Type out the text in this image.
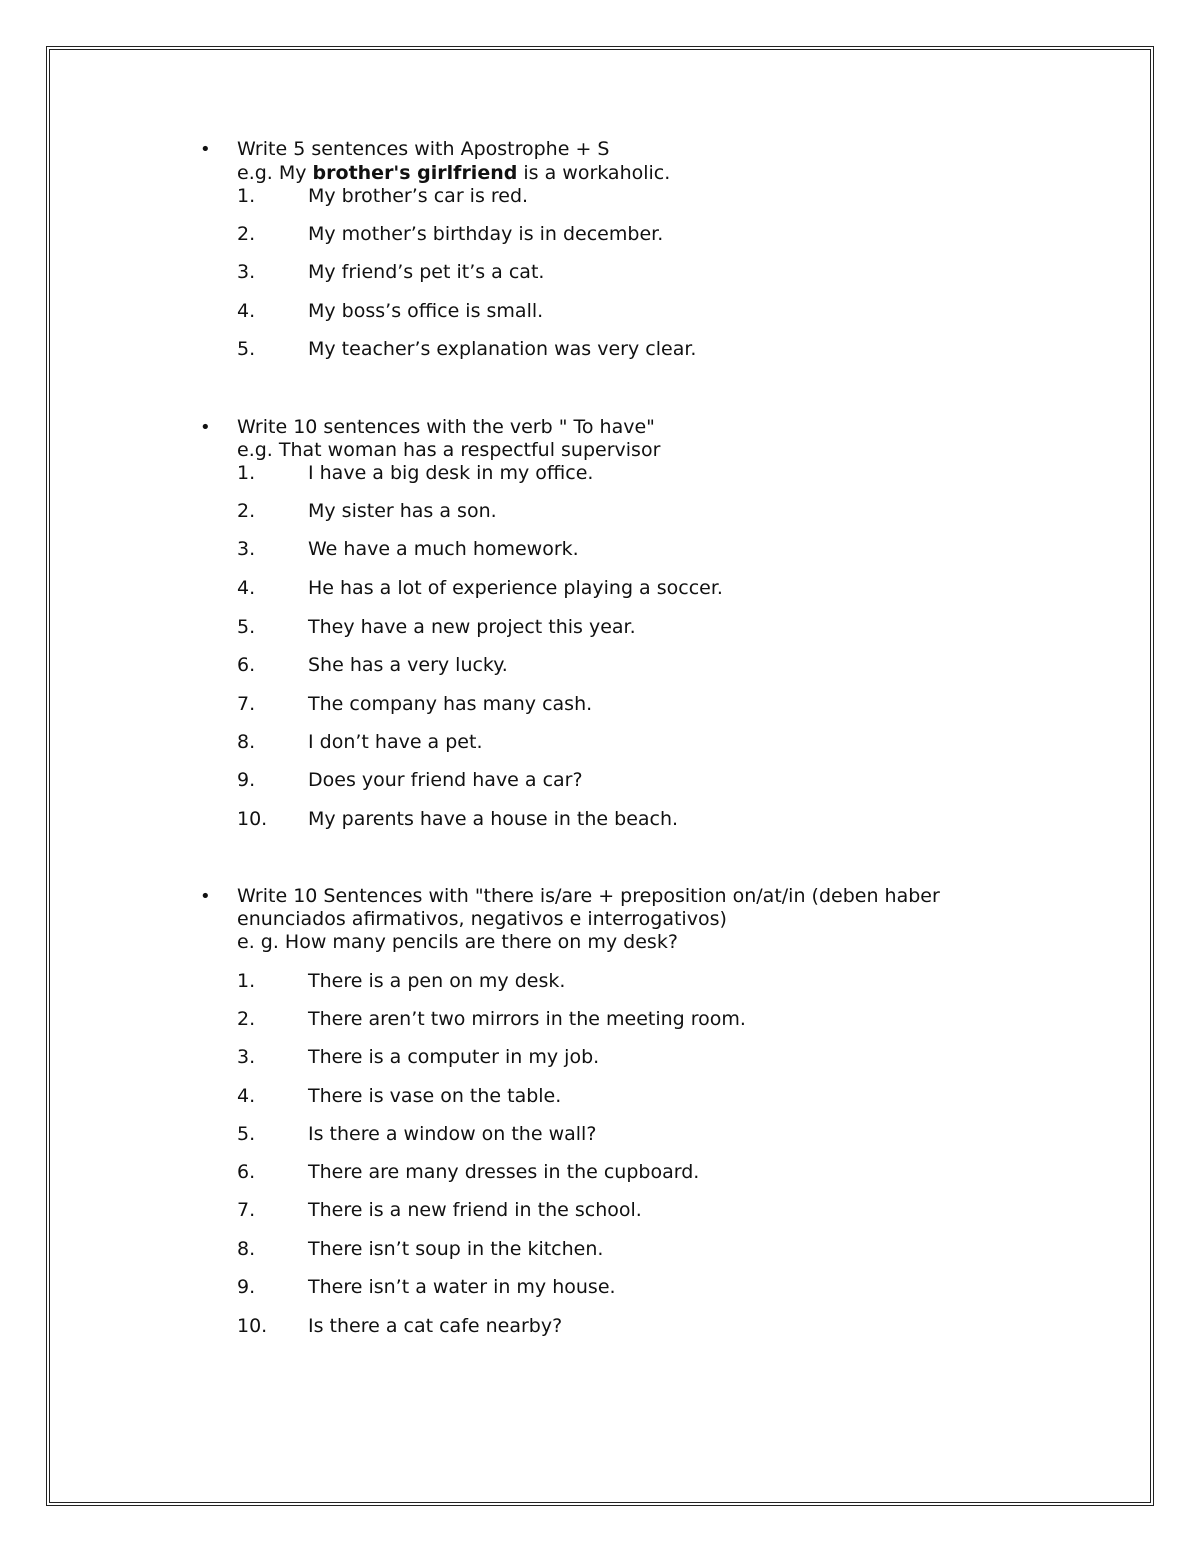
• Write 5 sentences with Apostrophe + S
e.g. My brother's girlfriend is a workaholic.
1.	My brother’s car is red.
2.	My mother’s birthday is in december.
3.	My friend’s pet it’s a cat.
4.	My boss’s office is small.
5.	My teacher’s explanation was very clear.
• Write 10 sentences with the verb " To have"
e.g. That woman has a respectful supervisor
1.	I have a big desk in my office.
2.	My sister has a son.
3.	We have a much homework.
4.	He has a lot of experience playing a soccer.
5.	They have a new project this year.
6.	She has a very lucky.
7.	The company has many cash.
8.	I don’t have a pet.
9.	Does your friend have a car?
10. My parents have a house in the beach.
• Write 10 Sentences with "there is/are + preposition on/at/in (deben haber
enunciados afirmativos, negativos e interrogativos)
e. g. How many pencils are there on my desk?
1.	There is a pen on my desk.
2.	There aren’t two mirrors in the meeting room.
3.	There is a computer in my job.
4.	There is vase on the table.
5.	Is there a window on the wall?
6.	There are many dresses in the cupboard.
7.	There is a new friend in the school.
8.	There isn’t soup in the kitchen.
9.	There isn’t a water in my house.
10. Is there a cat cafe nearby?
